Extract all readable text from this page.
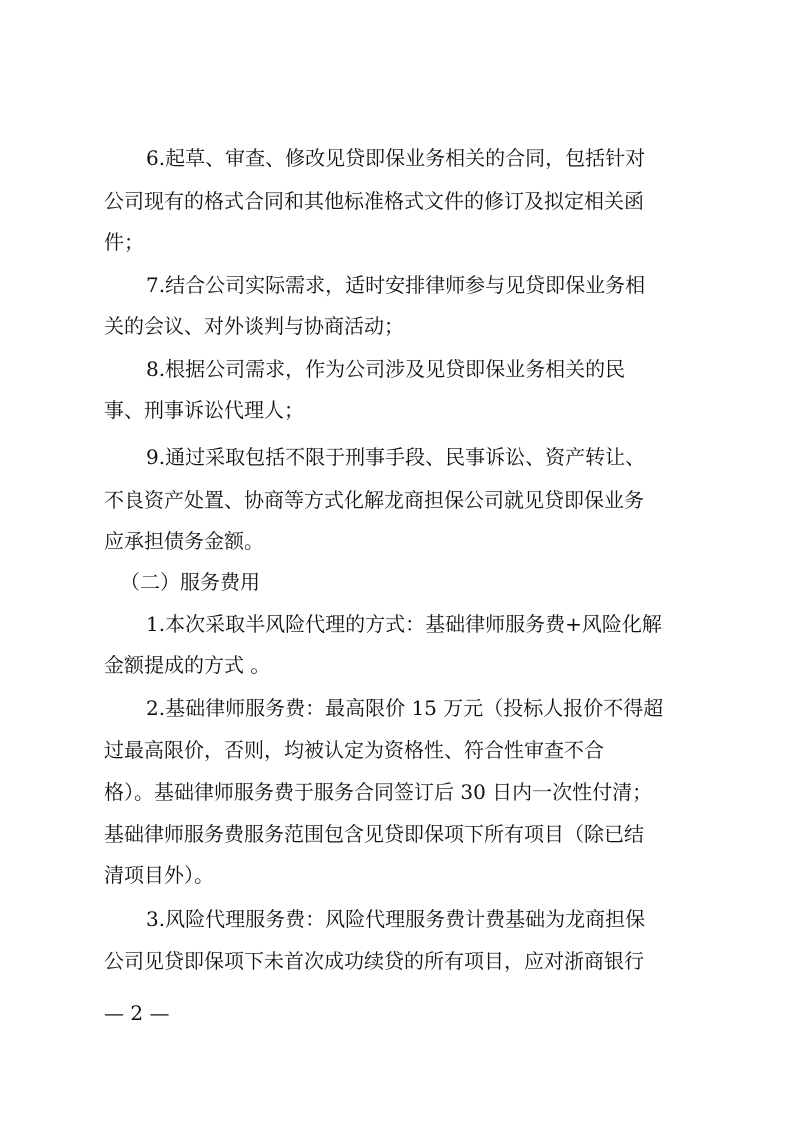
6.起草、审查、修改见贷即保业务相关的合同，包括针对
公司现有的格式合同和其他标准格式文件的修订及拟定相关函
件；
7.结合公司实际需求，适时安排律师参与见贷即保业务相
关的会议、对外谈判与协商活动；
8.根据公司需求，作为公司涉及见贷即保业务相关的民
事、刑事诉讼代理人；
9.通过采取包括不限于刑事手段、民事诉讼、资产转让、
不良资产处置、协商等方式化解龙商担保公司就见贷即保业务
应承担债务金额。
（二）服务费用
1.本次采取半风险代理的方式：基础律师服务费+风险化解
金额提成的方式 。
2.基础律师服务费：最高限价 15 万元（投标人报价不得超
过最高限价，否则，均被认定为资格性、符合性审查不合
格）。基础律师服务费于服务合同签订后 30 日内一次性付清；
基础律师服务费服务范围包含见贷即保项下所有项目（除已结
清项目外）。
3.风险代理服务费：风险代理服务费计费基础为龙商担保
公司见贷即保项下未首次成功续贷的所有项目，应对浙商银行
— 2 —
